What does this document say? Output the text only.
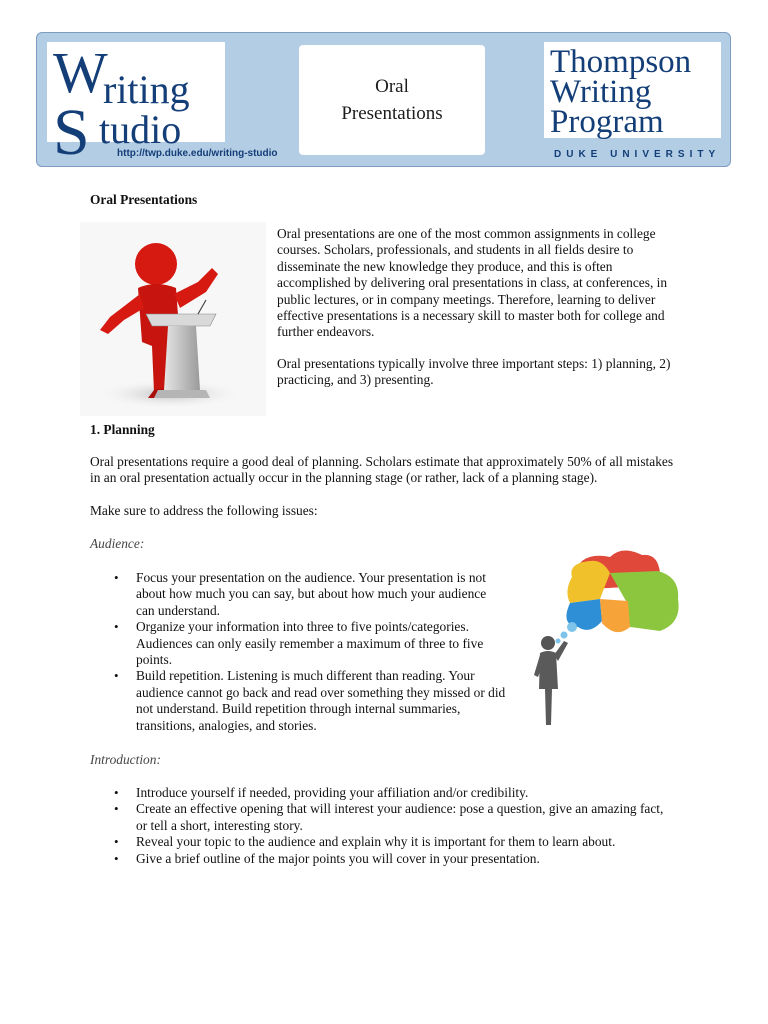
W
riting
S tudio
http://twp.duke.edu/writing-studio
Oral
Presentations
Thompson
Writing
Program
DUKE UNIVERSITY
Oral Presentations
Oral presentations are one of the most common assignments in college courses. Scholars, professionals, and students in all fields desire to disseminate the new knowledge they produce, and this is often accomplished by delivering oral presentations in class, at conferences, in public lectures, or in company meetings. Therefore, learning to deliver effective presentations is a necessary skill to master both for college and further endeavors.
Oral presentations typically involve three important steps: 1) planning, 2) practicing, and 3) presenting.
1. Planning
Oral presentations require a good deal of planning. Scholars estimate that approximately 50% of all mistakes in an oral presentation actually occur in the planning stage (or rather, lack of a planning stage).
Make sure to address the following issues:
Audience:
• Focus your presentation on the audience. Your presentation is not about how much you can say, but about how much your audience can understand.
• Organize your information into three to five points/categories. Audiences can only easily remember a maximum of three to five points.
• Build repetition. Listening is much different than reading. Your audience cannot go back and read over something they missed or did not understand. Build repetition through internal summaries, transitions, analogies, and stories.
Introduction:
• Introduce yourself if needed, providing your affiliation and/or credibility.
• Create an effective opening that will interest your audience: pose a question, give an amazing fact, or tell a short, interesting story.
• Reveal your topic to the audience and explain why it is important for them to learn about.
• Give a brief outline of the major points you will cover in your presentation.
